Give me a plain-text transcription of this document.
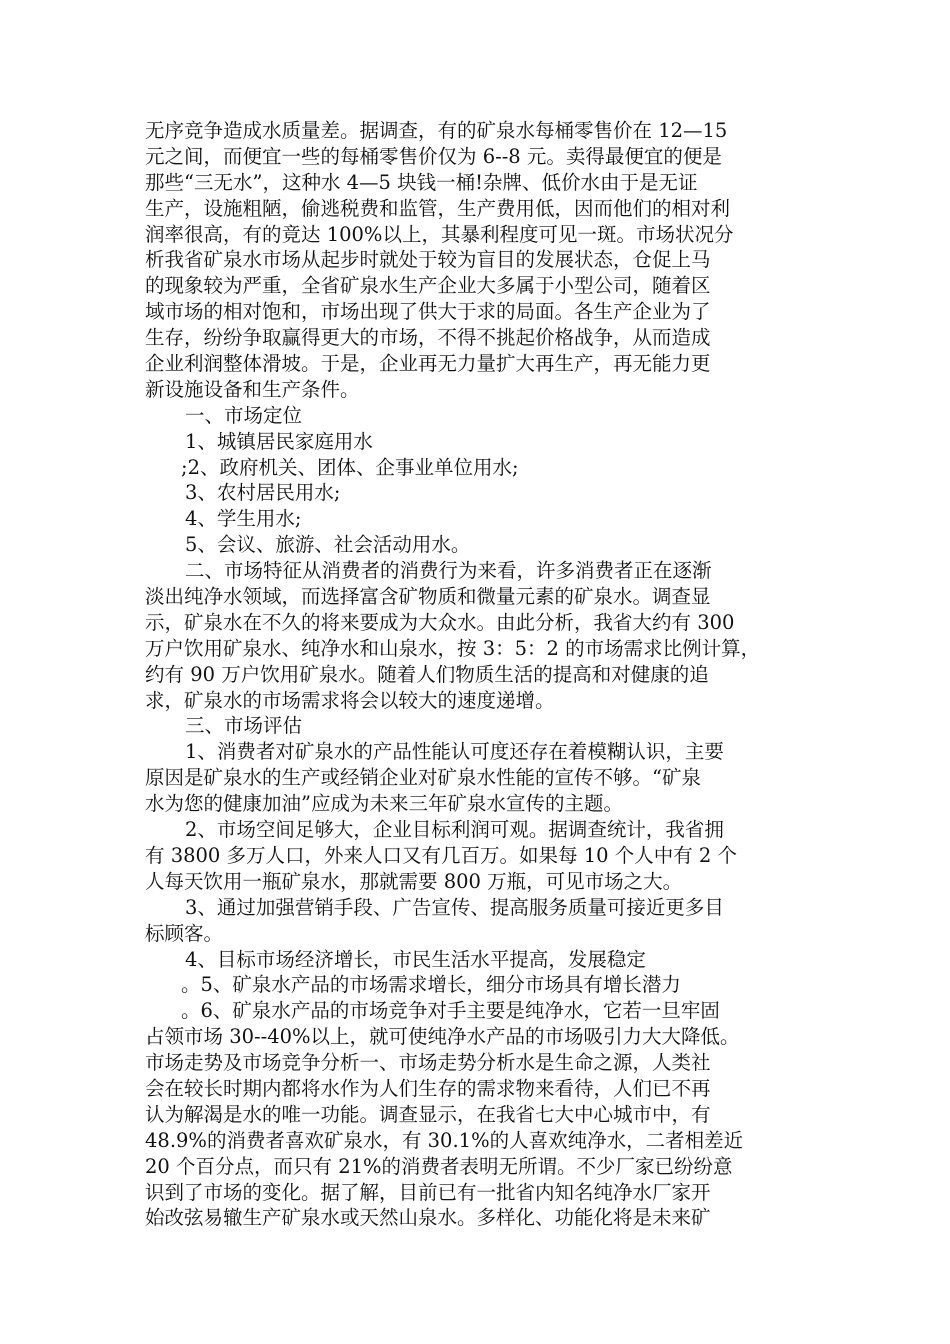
无序竞争造成水质量差。据调查，有的矿泉水每桶零售价在 12—15
元之间，而便宜一些的每桶零售价仅为 6--8 元。卖得最便宜的便是
那些“三无水”，这种水 4—5 块钱一桶!杂牌、低价水由于是无证
生产，设施粗陋，偷逃税费和监管，生产费用低，因而他们的相对利
润率很高，有的竟达 100%以上，其暴利程度可见一斑。市场状况分
析我省矿泉水市场从起步时就处于较为盲目的发展状态，仓促上马
的现象较为严重，全省矿泉水生产企业大多属于小型公司，随着区
域市场的相对饱和，市场出现了供大于求的局面。各生产企业为了
生存，纷纷争取赢得更大的市场，不得不挑起价格战争，从而造成
企业利润整体滑坡。于是，企业再无力量扩大再生产，再无能力更
新设施设备和生产条件。
一、市场定位
1、城镇居民家庭用水
;2、政府机关、团体、企事业单位用水;
3、农村居民用水;
4、学生用水;
5、会议、旅游、社会活动用水。
二、市场特征从消费者的消费行为来看，许多消费者正在逐渐
淡出纯净水领域，而选择富含矿物质和微量元素的矿泉水。调查显
示，矿泉水在不久的将来要成为大众水。由此分析，我省大约有 300
万户饮用矿泉水、纯净水和山泉水，按 3：5：2 的市场需求比例计算，
约有 90 万户饮用矿泉水。随着人们物质生活的提高和对健康的追
求，矿泉水的市场需求将会以较大的速度递增。
三、市场评估
1、消费者对矿泉水的产品性能认可度还存在着模糊认识，主要
原因是矿泉水的生产或经销企业对矿泉水性能的宣传不够。“矿泉
水为您的健康加油”应成为未来三年矿泉水宣传的主题。
2、市场空间足够大，企业目标利润可观。据调查统计，我省拥
有 3800 多万人口，外来人口又有几百万。如果每 10 个人中有 2 个
人每天饮用一瓶矿泉水，那就需要 800 万瓶，可见市场之大。
3、通过加强营销手段、广告宣传、提高服务质量可接近更多目
标顾客。
4、目标市场经济增长，市民生活水平提高，发展稳定
。5、矿泉水产品的市场需求增长，细分市场具有增长潜力
。6、矿泉水产品的市场竞争对手主要是纯净水，它若一旦牢固
占领市场 30--40%以上，就可使纯净水产品的市场吸引力大大降低。
市场走势及市场竞争分析一、市场走势分析水是生命之源，人类社
会在较长时期内都将水作为人们生存的需求物来看待，人们已不再
认为解渴是水的唯一功能。调查显示，在我省七大中心城市中，有
48.9%的消费者喜欢矿泉水，有 30.1%的人喜欢纯净水，二者相差近
20 个百分点，而只有 21%的消费者表明无所谓。不少厂家已纷纷意
识到了市场的变化。据了解，目前已有一批省内知名纯净水厂家开
始改弦易辙生产矿泉水或天然山泉水。多样化、功能化将是未来矿
